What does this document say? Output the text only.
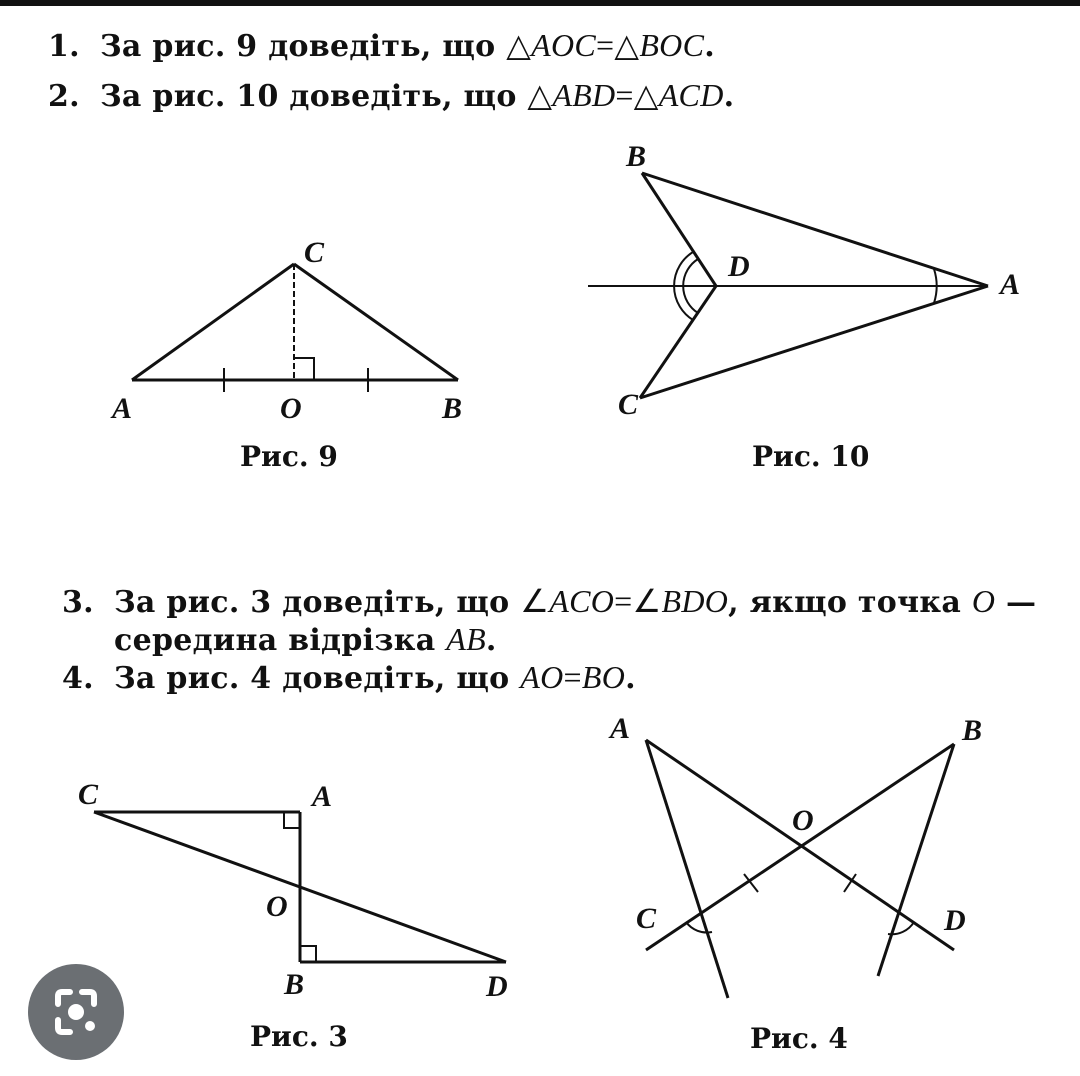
1. За рис. 9 доведіть, що △AOC=△BOC.
2. За рис. 10 доведіть, що △ABD=△ACD.
C
A	O	B
Рис. 9
B
D
A
C
Рис. 10
3. За рис. 3 доведіть, що ∠ACO=∠BDO, якщо точка O —
середина відрізка AB.
4. За рис. 4 доведіть, що AO=BO.
C	A
O
B	D
Рис. 3
A	B
O
C	D
Рис. 4
